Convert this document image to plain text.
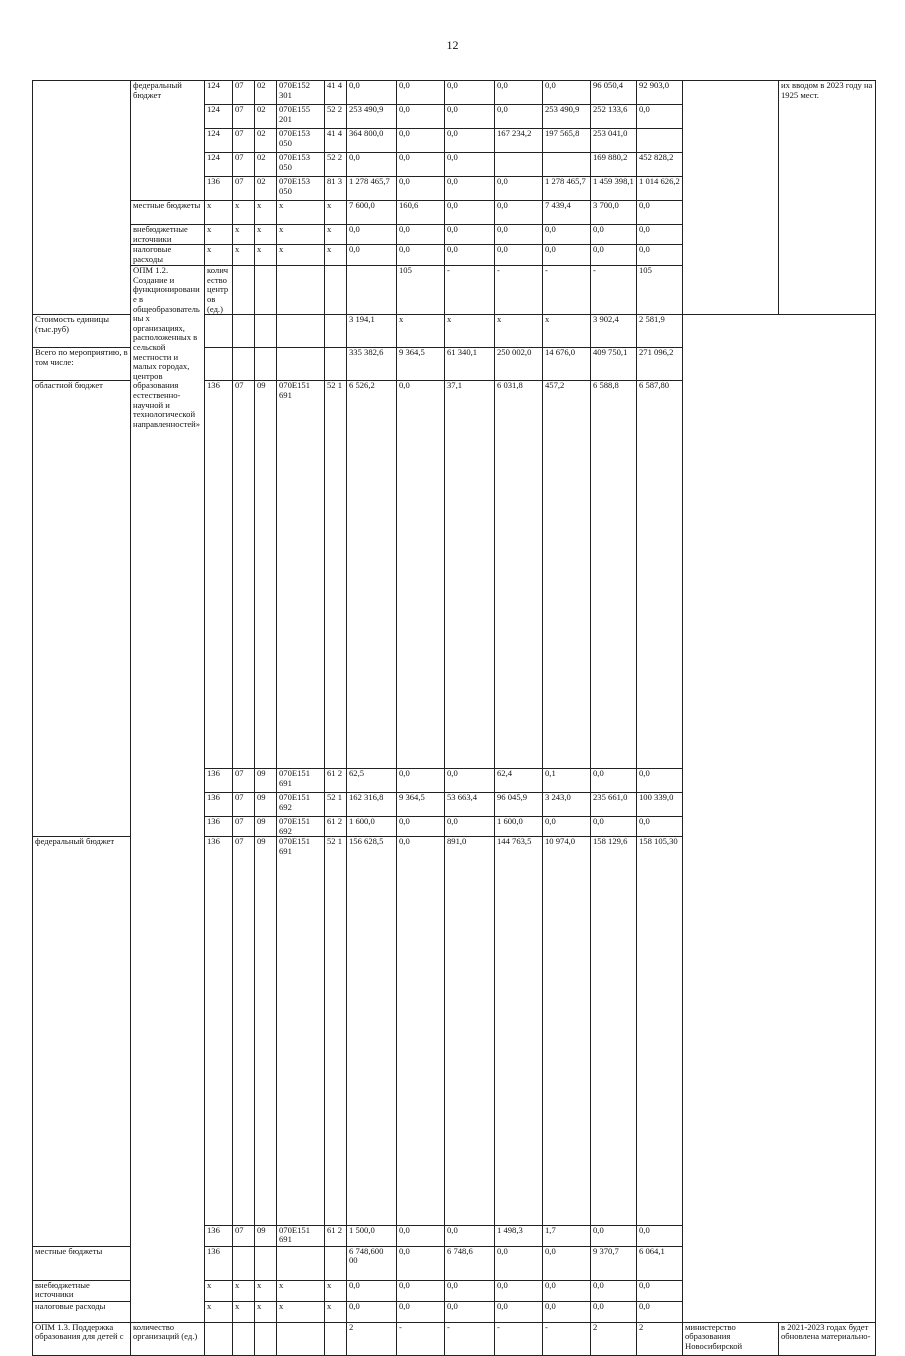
12
	федеральный бюджет	124	07	02	070E152 301	41 4	0,0	0,0	0,0	0,0	0,0	96 050,4	92 903,0		их вводом в 2023 году на 1925 мест.	
		124	07	02	070E155 201	52 2	253 490,9	0,0	0,0	0,0	253 490,9	252 133,6	0,0			
		124	07	02	070E153 050	41 4	364 800,0	0,0	0,0	167 234,2	197 565,8	253 041,0				
		124	07	02	070E153 050	52 2	0,0	0,0	0,0			169 880,2	452 828,2			
		136	07	02	070E153 050	81 3	1 278 465,7	0,0	0,0	0,0	1 278 465,7	1 459 398,1	1 014 626,2			
	местные бюджеты	x	x	x	x	x	7 600,0	160,6	0,0	0,0	7 439,4	3 700,0	0,0			
	внебюджетные источники	x	x	x	x	x	0,0	0,0	0,0	0,0	0,0	0,0	0,0			
	налоговые расходы	x	x	x	x	x	0,0	0,0	0,0	0,0	0,0	0,0	0,0			
	ОПМ 1.2. Создание и функционирование в общеобразовательны х организациях, расположенных в сельской местности и малых городах, центров образования естественно-научной и технологической направленностей»	количество центров (ед.)						105	-	-	-	-	105			
Стоимость единицы (тыс.руб)							3 194,1	x	x	x	x	3 902,4	2 581,9			
Всего по мероприятию, в том числе:							335 382,6	9 364,5	61 340,1	250 002,0	14 676,0	409 750,1	271 096,2			
областной бюджет		136	07	09	070E151 691	52 1	6 526,2	0,0	37,1	6 031,8	457,2	6 588,8	6 587,80			
		136	07	09	070E151 691	61 2	62,5	0,0	0,0	62,4	0,1	0,0	0,0			
		136	07	09	070E151 692	52 1	162 316,8	9 364,5	53 663,4	96 045,9	3 243,0	235 661,0	100 339,0			
		136	07	09	070E151 692	61 2	1 600,0	0,0	0,0	1 600,0	0,0	0,0	0,0			
федеральный бюджет		136	07	09	070E151 691	52 1	156 628,5	0,0	891,0	144 763,5	10 974,0	158 129,6	158 105,30			
		136	07	09	070E151 691	61 2	1 500,0	0,0	0,0	1 498,3	1,7	0,0	0,0			
местные бюджеты		136					6 748,600 00	0,0	6 748,6	0,0	0,0	9 370,7	6 064,1			
внебюджетные источники		x	x	x	x	x	0,0	0,0	0,0	0,0	0,0	0,0	0,0			
налоговые расходы		x	x	x	x	x	0,0	0,0	0,0	0,0	0,0	0,0	0,0			
ОПМ 1.3. Поддержка образования для детей с	количество организаций (ед.)						2	-	-	-	-	2	2	министерство образования Новосибирской	в 2021-2023 годах будет обновлена материально-	
